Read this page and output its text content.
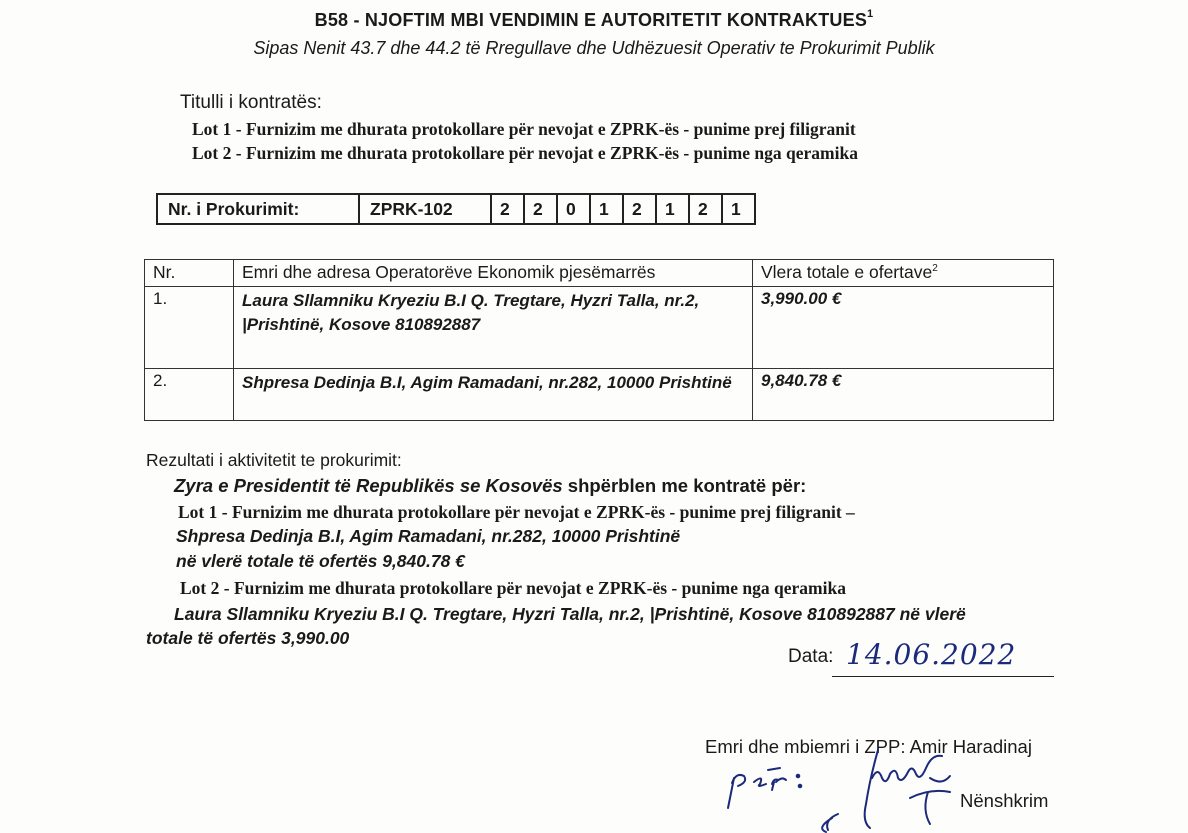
B58 - NJOFTIM MBI VENDIMIN E AUTORITETIT KONTRAKTUES$^1$
Sipas Nenit 43.7 dhe 44.2 të Rregullave dhe Udhëzuesit Operativ te Prokurimit Publik
Titulli i kontratës:
Lot 1 - Furnizim me dhurata protokollare për nevojat e ZPRK-ës - punime prej filigranit
Lot 2 - Furnizim me dhurata protokollare për nevojat e ZPRK-ës - punime nga qeramika
Nr. i Prokurimit:	ZPRK-102	2	2	0	1	2	1	2	1
Nr.	Emri dhe adresa Operatorëve Ekonomik pjesëmarrës	Vlera totale e ofertave$^2$
1.	Laura Sllamniku Kryeziu B.I Q. Tregtare, Hyzri Talla, nr.2, |Prishtinë, Kosove 810892887	3,990.00 €
2.	Shpresa Dedinja B.I, Agim Ramadani, nr.282, 10000 Prishtinë	9,840.78 €
Rezultati i aktivitetit te prokurimit:
Zyra e Presidentit të Republikës se Kosovës shpërblen me kontratë për:
Lot 1 - Furnizim me dhurata protokollare për nevojat e ZPRK-ës - punime prej filigranit –
Shpresa Dedinja B.I, Agim Ramadani, nr.282, 10000 Prishtinë
në vlerë totale të ofertës 9,840.78 €
Lot 2 - Furnizim me dhurata protokollare për nevojat e ZPRK-ës - punime nga qeramika
Laura Sllamniku Kryeziu B.I Q. Tregtare, Hyzri Talla, nr.2, |Prishtinë, Kosove 810892887 në vlerë
totale të ofertës 3,990.00
Data: 14.06.2022
Emri dhe mbiemri i ZPP: Amir Haradinaj
Nënshkrim
